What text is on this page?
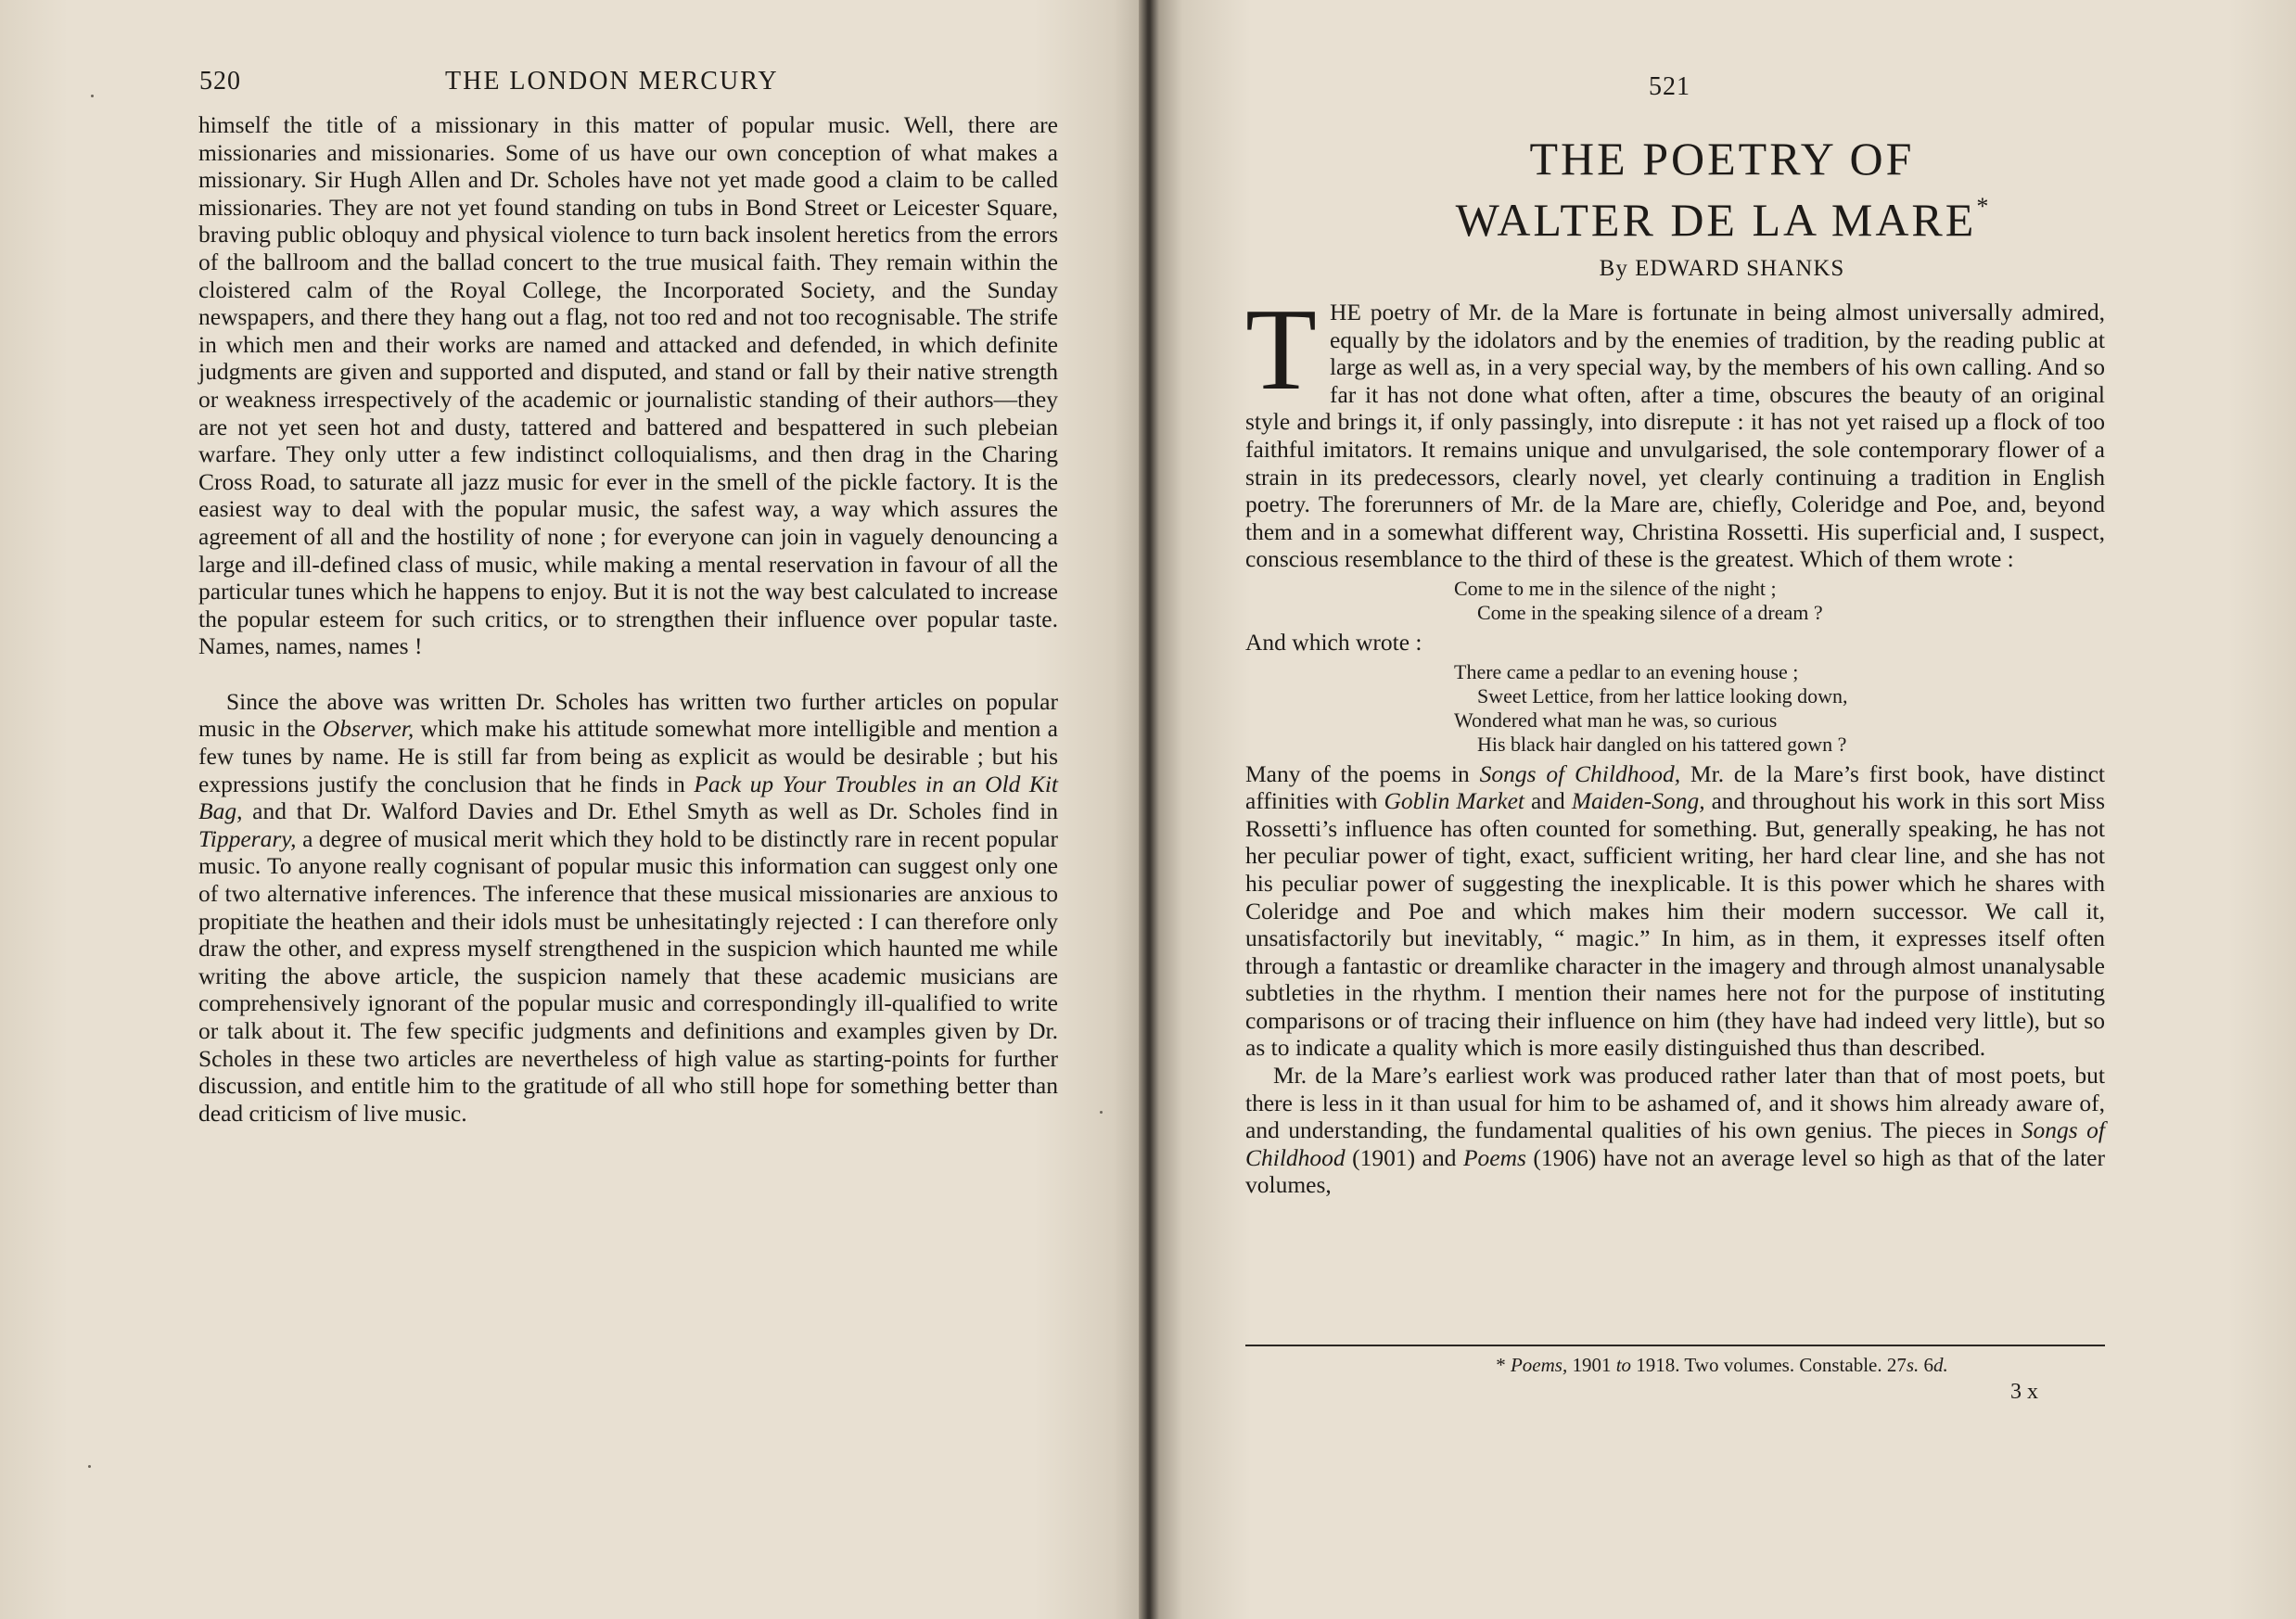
520	THE LONDON MERCURY

himself the title of a missionary in this matter of popular music. Well, there are missionaries and missionaries. Some of us have our own conception of what makes a missionary. Sir Hugh Allen and Dr. Scholes have not yet made good a claim to be called missionaries. They are not yet found standing on tubs in Bond Street or Leicester Square, braving public obloquy and physical violence to turn back insolent heretics from the errors of the ballroom and the ballad concert to the true musical faith. They remain within the cloistered calm of the Royal College, the Incorporated Society, and the Sunday newspapers, and there they hang out a flag, not too red and not too recognisable. The strife in which men and their works are named and attacked and defended, in which definite judgments are given and supported and disputed, and stand or fall by their native strength or weakness irrespectively of the academic or journalistic standing of their authors—they are not yet seen hot and dusty, tattered and battered and bespattered in such plebeian warfare. They only utter a few indistinct colloquialisms, and then drag in the Charing Cross Road, to saturate all jazz music for ever in the smell of the pickle factory. It is the easiest way to deal with the popular music, the safest way, a way which assures the agreement of all and the hostility of none ; for everyone can join in vaguely denouncing a large and ill-defined class of music, while making a mental reservation in favour of all the particular tunes which he happens to enjoy. But it is not the way best calculated to increase the popular esteem for such critics, or to strengthen their influence over popular taste. Names, names, names !

Since the above was written Dr. Scholes has written two further articles on popular music in the Observer, which make his attitude somewhat more intelligible and mention a few tunes by name. He is still far from being as explicit as would be desirable ; but his expressions justify the conclusion that he finds in Pack up Your Troubles in an Old Kit Bag, and that Dr. Walford Davies and Dr. Ethel Smyth as well as Dr. Scholes find in Tipperary, a degree of musical merit which they hold to be distinctly rare in recent popular music. To anyone really cognisant of popular music this information can suggest only one of two alternative inferences. The inference that these musical missionaries are anxious to propitiate the heathen and their idols must be unhesitatingly rejected : I can therefore only draw the other, and express myself strengthened in the suspicion which haunted me while writing the above article, the suspicion namely that these academic musicians are comprehensively ignorant of the popular music and correspondingly ill-qualified to write or talk about it. The few specific judgments and definitions and examples given by Dr. Scholes in these two articles are nevertheless of high value as starting-points for further discussion, and entitle him to the gratitude of all who still hope for something better than dead criticism of live music.

521
THE POETRY OF
WALTER DE LA MARE*
By EDWARD SHANKS

THE poetry of Mr. de la Mare is fortunate in being almost universally admired, equally by the idolators and by the enemies of tradition, by the reading public at large as well as, in a very special way, by the members of his own calling. And so far it has not done what often, after a time, obscures the beauty of an original style and brings it, if only passingly, into disrepute : it has not yet raised up a flock of too faithful imitators. It remains unique and unvulgarised, the sole contemporary flower of a strain in its predecessors, clearly novel, yet clearly continuing a tradition in English poetry. The forerunners of Mr. de la Mare are, chiefly, Coleridge and Poe, and, beyond them and in a somewhat different way, Christina Rossetti. His superficial and, I suspect, conscious resemblance to the third of these is the greatest. Which of them wrote :

Come to me in the silence of the night ;
Come in the speaking silence of a dream ?

And which wrote :

There came a pedlar to an evening house ;
Sweet Lettice, from her lattice looking down,
Wondered what man he was, so curious
His black hair dangled on his tattered gown ?

Many of the poems in Songs of Childhood, Mr. de la Mare’s first book, have distinct affinities with Goblin Market and Maiden-Song, and throughout his work in this sort Miss Rossetti’s influence has often counted for something. But, generally speaking, he has not her peculiar power of tight, exact, sufficient writing, her hard clear line, and she has not his peculiar power of suggesting the inexplicable. It is this power which he shares with Coleridge and Poe and which makes him their modern successor. We call it, unsatisfactorily but inevitably, “ magic.” In him, as in them, it expresses itself often through a fantastic or dreamlike character in the imagery and through almost unanalysable subtleties in the rhythm. I mention their names here not for the purpose of instituting comparisons or of tracing their influence on him (they have had indeed very little), but so as to indicate a quality which is more easily distinguished thus than described.

Mr. de la Mare’s earliest work was produced rather later than that of most poets, but there is less in it than usual for him to be ashamed of, and it shows him already aware of, and understanding, the fundamental qualities of his own genius. The pieces in Songs of Childhood (1901) and Poems (1906) have not an average level so high as that of the later volumes,

* Poems, 1901 to 1918. Two volumes. Constable. 27s. 6d.
3 x
